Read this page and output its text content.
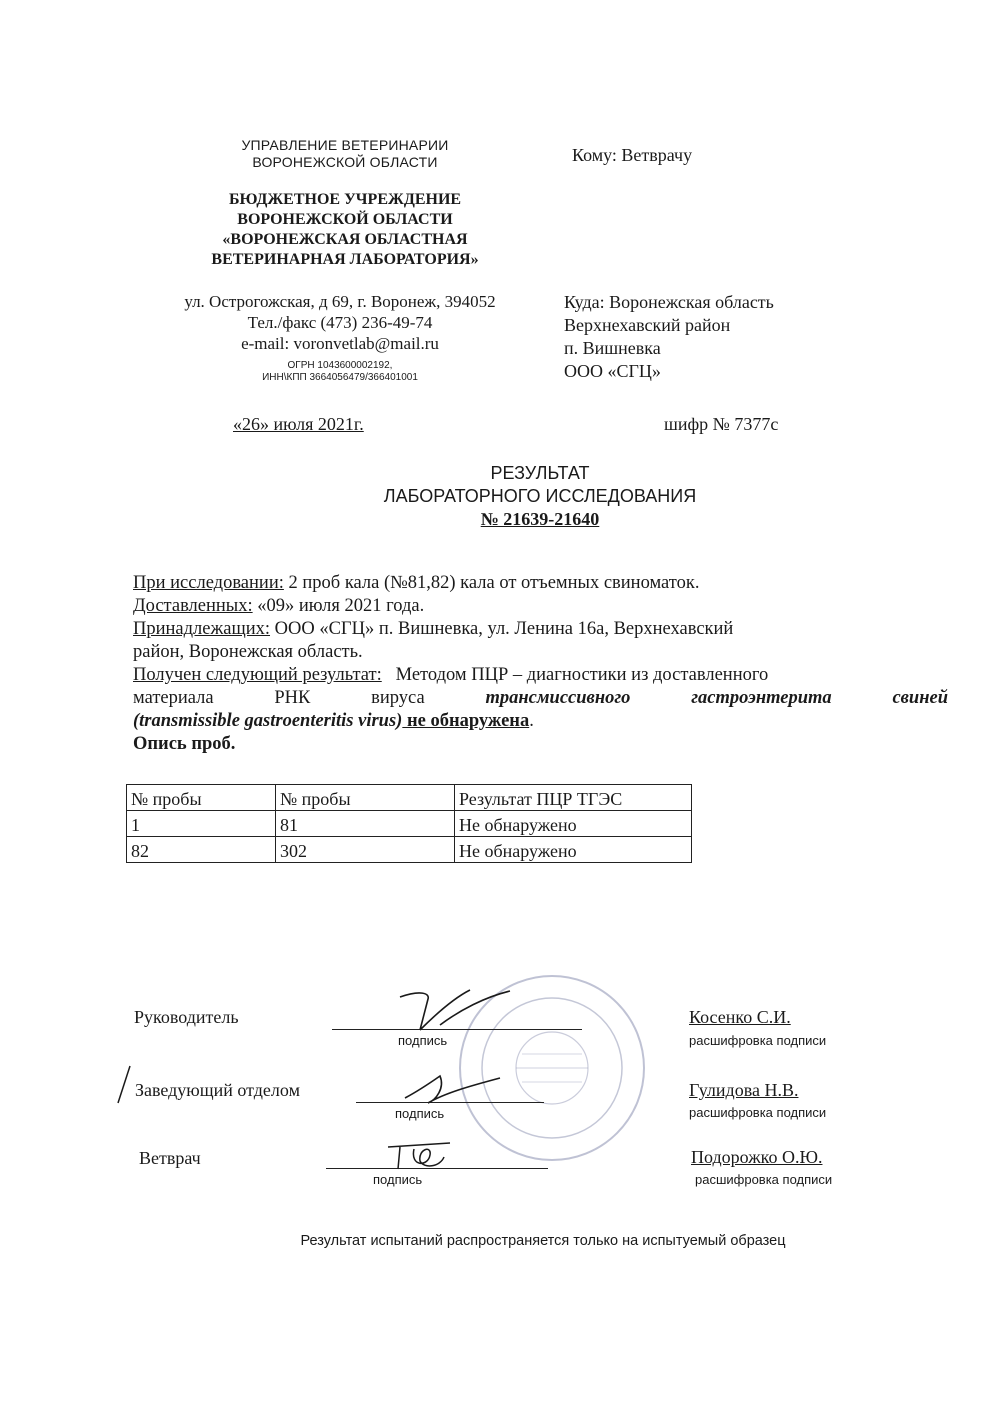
УПРАВЛЕНИЕ ВЕТЕРИНАРИИ
ВОРОНЕЖСКОЙ ОБЛАСТИ
БЮДЖЕТНОЕ УЧРЕЖДЕНИЕ
ВОРОНЕЖСКОЙ ОБЛАСТИ
«ВОРОНЕЖСКАЯ ОБЛАСТНАЯ
ВЕТЕРИНАРНАЯ ЛАБОРАТОРИЯ»
ул. Острогожская, д 69, г. Воронеж, 394052
Тел./факс (473) 236-49-74
e-mail: voronvetlab@mail.ru
ОГРН 1043600002192,
ИНН\КПП 3664056479/366401001
«26» июля 2021г.
Кому: Ветврачу
Куда: Воронежская область
Верхнехавский район
п. Вишневка
ООО «СГЦ»
шифр № 7377с
РЕЗУЛЬТАТ
ЛАБОРАТОРНОГО ИССЛЕДОВАНИЯ
№ 21639-21640
При исследовании: 2 проб кала (№81,82) кала от отъемных свиноматок.
Доставленных: «09» июля 2021 года.
Принадлежащих: ООО «СГЦ» п. Вишневка, ул. Ленина 16а, Верхнехавский
район, Воронежская область.
Получен следующий результат:   Методом ПЦР – диагностики из доставленного
материала РНК вируса трансмиссивного гастроэнтерита свиней
(transmissible gastroenteritis virus) не обнаружена.
Опись проб.
№ пробы	№ пробы	Результат ПЦР ТГЭС
1	81	Не обнаружено
82	302	Не обнаружено
Руководитель
подпись
Косенко С.И.
расшифровка подписи
Заведующий отделом
подпись
Гулидова Н.В.
расшифровка подписи
Ветврач
подпись
Подорожко О.Ю.
расшифровка подписи
Результат испытаний распространяется только на испытуемый образец
